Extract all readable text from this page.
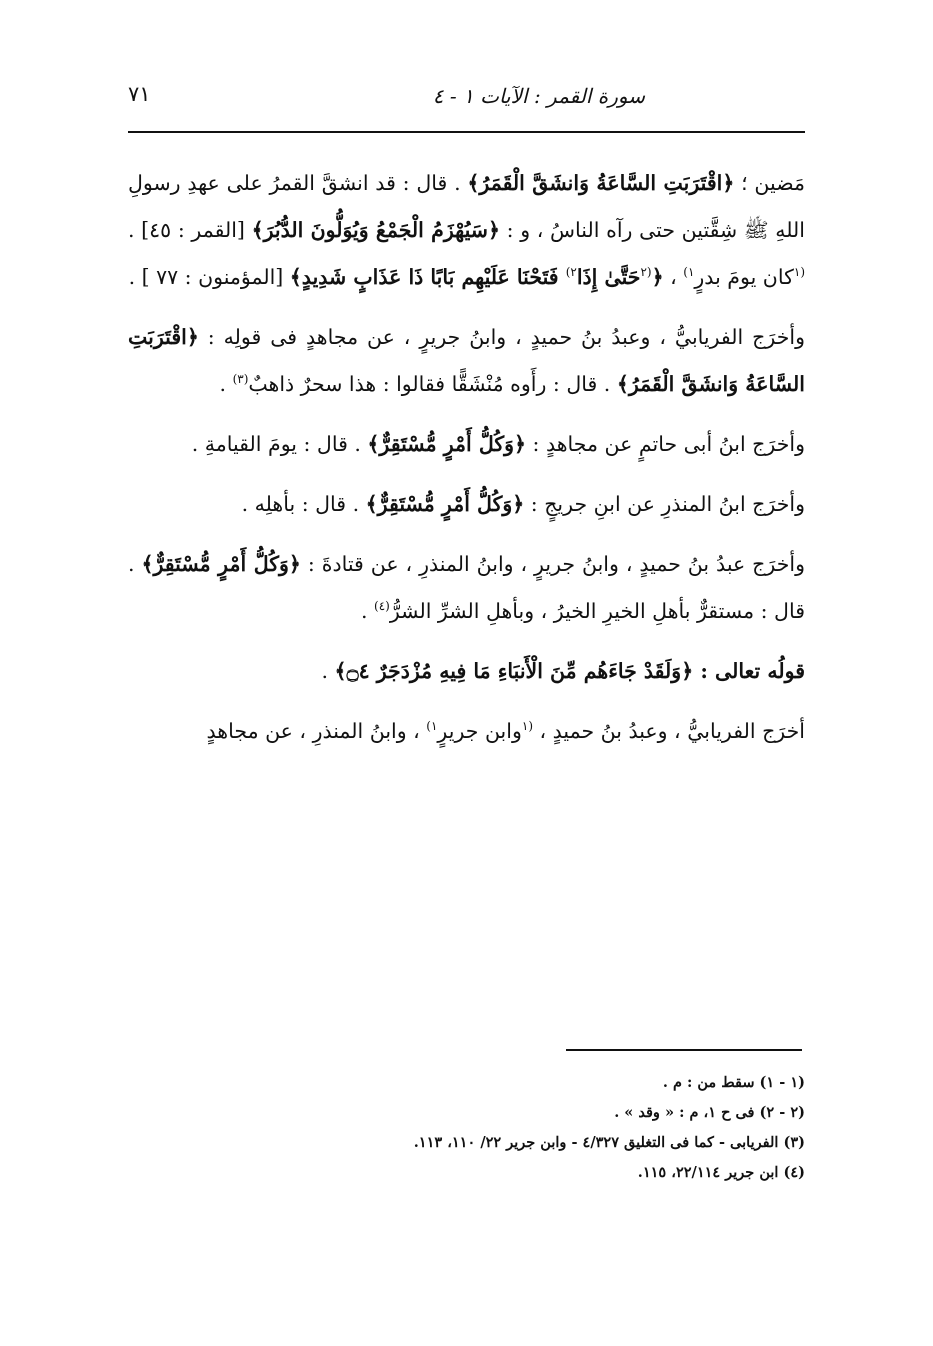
٧١	سورة القمر : الآيات ١ - ٤

مَضين ؛ ﴿اقْتَرَبَتِ السَّاعَةُ وَانشَقَّ الْقَمَرُ﴾ . قال : قد انشقَّ القمرُ على عهدِ رسولِ اللهِ ﷺ شِقَّتين حتى رآه الناسُ ، و : ﴿سَيُهْزَمُ الْجَمْعُ وَيُوَلُّونَ الدُّبُرَ﴾ [القمر : ٤٥] . $^{(١}$كان يومَ بدرٍ$^{١)}$ ، ﴿$^{(٢}$حَتَّىٰ إِذَا$^{٢)}$ فَتَحْنَا عَلَيْهِم بَابًا ذَا عَذَابٍ شَدِيدٍ﴾ [المؤمنون : ٧٧ ] .

وأخرَج الفريابيُّ ، وعبدُ بنُ حميدٍ ، وابنُ جريرٍ ، عن مجاهدٍ فى قولِه : ﴿اقْتَرَبَتِ السَّاعَةُ وَانشَقَّ الْقَمَرُ﴾ . قال : رأَوه مُنْشَقًّا فقالوا : هذا سحرٌ ذاهبٌ$^{(٣)}$ .

وأخرَج ابنُ أبى حاتمٍ عن مجاهدٍ : ﴿وَكُلُّ أَمْرٍ مُّسْتَقِرٌّ﴾ . قال : يومَ القيامةِ .

وأخرَج ابنُ المنذرِ عن ابنِ جريجٍ : ﴿وَكُلُّ أَمْرٍ مُّسْتَقِرٌّ﴾ . قال : بأهلِه .

وأخرَج عبدُ بنُ حميدٍ ، وابنُ جريرٍ ، وابنُ المنذرِ ، عن قتادةَ : ﴿وَكُلُّ أَمْرٍ مُّسْتَقِرٌّ﴾ . قال : مستقرٌّ بأهلِ الخيرِ الخيرُ ، وبأهلِ الشرِّ الشرُّ$^{(٤)}$ .

قولُه تعالى : ﴿وَلَقَدْ جَاءَهُم مِّنَ الْأَنبَاءِ مَا فِيهِ مُزْدَجَرٌ ۝٤﴾ .

أخرَج الفريابيُّ ، وعبدُ بنُ حميدٍ ، $^{(١}$وابن جريرٍ$^{١)}$ ، وابنُ المنذرِ ، عن مجاهدٍ

(١ - ١) سقط من : م .

(٢ - ٢) فى ح ١، م : « وقد » .

(٣) الفريابى - كما فى التغليق ٤/٣٢٧ - وابن جرير ٢٢/ ١١٠، ١١٣.

(٤) ابن جرير ٢٢/١١٤، ١١٥.
